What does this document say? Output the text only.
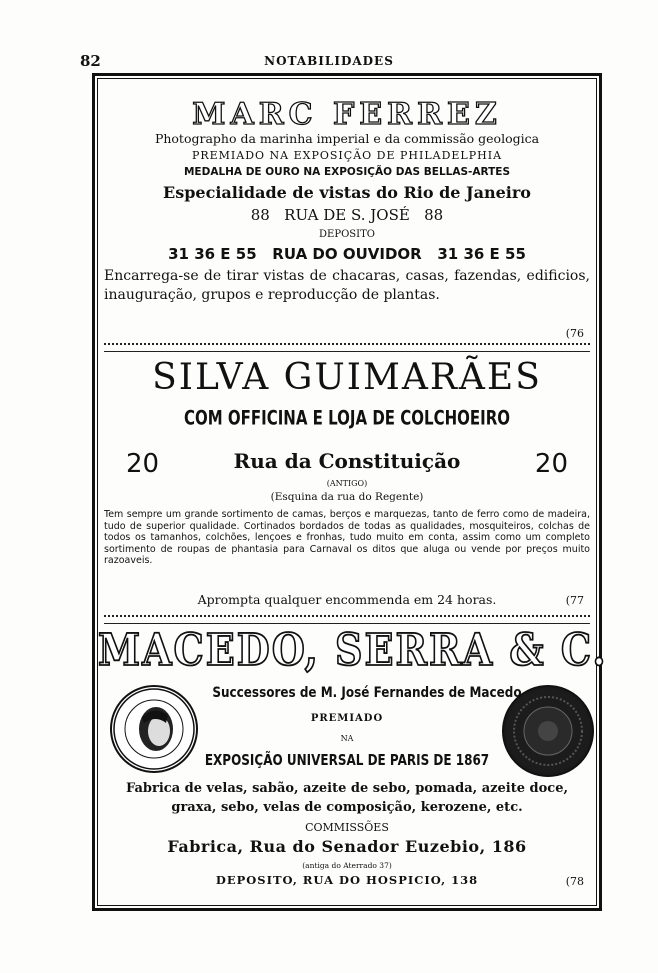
82	NOTABILIDADES
MARC FERREZ
Photographo da marinha imperial e da commissão geologica
PREMIADO NA EXPOSIÇÃO DE PHILADELPHIA
MEDALHA DE OURO NA EXPOSIÇÃO DAS BELLAS-ARTES
Especialidade de vistas do Rio de Janeiro
88 RUA DE S. JOSÉ 88
DEPOSITO
31 36 E 55   RUA DO OUVIDOR   31 36 E 55
Encarrega-se de tirar vistas de chacaras, casas, fazendas, edificios, inauguração, grupos e reproducção de plantas.
(76
SILVA GUIMARÃES
COM OFFICINA E LOJA DE COLCHOEIRO
20	Rua da Constituição	20
(ANTIGO)
(Esquina da rua do Regente)
Tem sempre um grande sortimento de camas, berços e marquezas, tanto de ferro como de madeira, tudo de superior qualidade. Cortinados bordados de todas as qualidades, mosquiteiros, colchas de todos os tamanhos, colchões, lençoes e fronhas, tudo muito em conta, assim como um completo sortimento de roupas de phantasia para Carnaval os ditos que aluga ou vende por preços muito razoaveis.
Apromptа qualquer encommenda em 24 horas.	(77
MACEDO, SERRA & C.
Successores de M. José Fernandes de Macedo
PREMIADO
NA
EXPOSIÇÃO UNIVERSAL DE PARIS DE 1867
Fabrica de velas, sabão, azeite de sebo, pomada, azeite doce, graxa, sebo, velas de composição, kerozene, etc.
COMMISSÕES
Fabrica, Rua do Senador Euzebio, 186
(antiga do Aterrado 37)
DEPOSITO, RUA DO HOSPICIO, 138	(78
